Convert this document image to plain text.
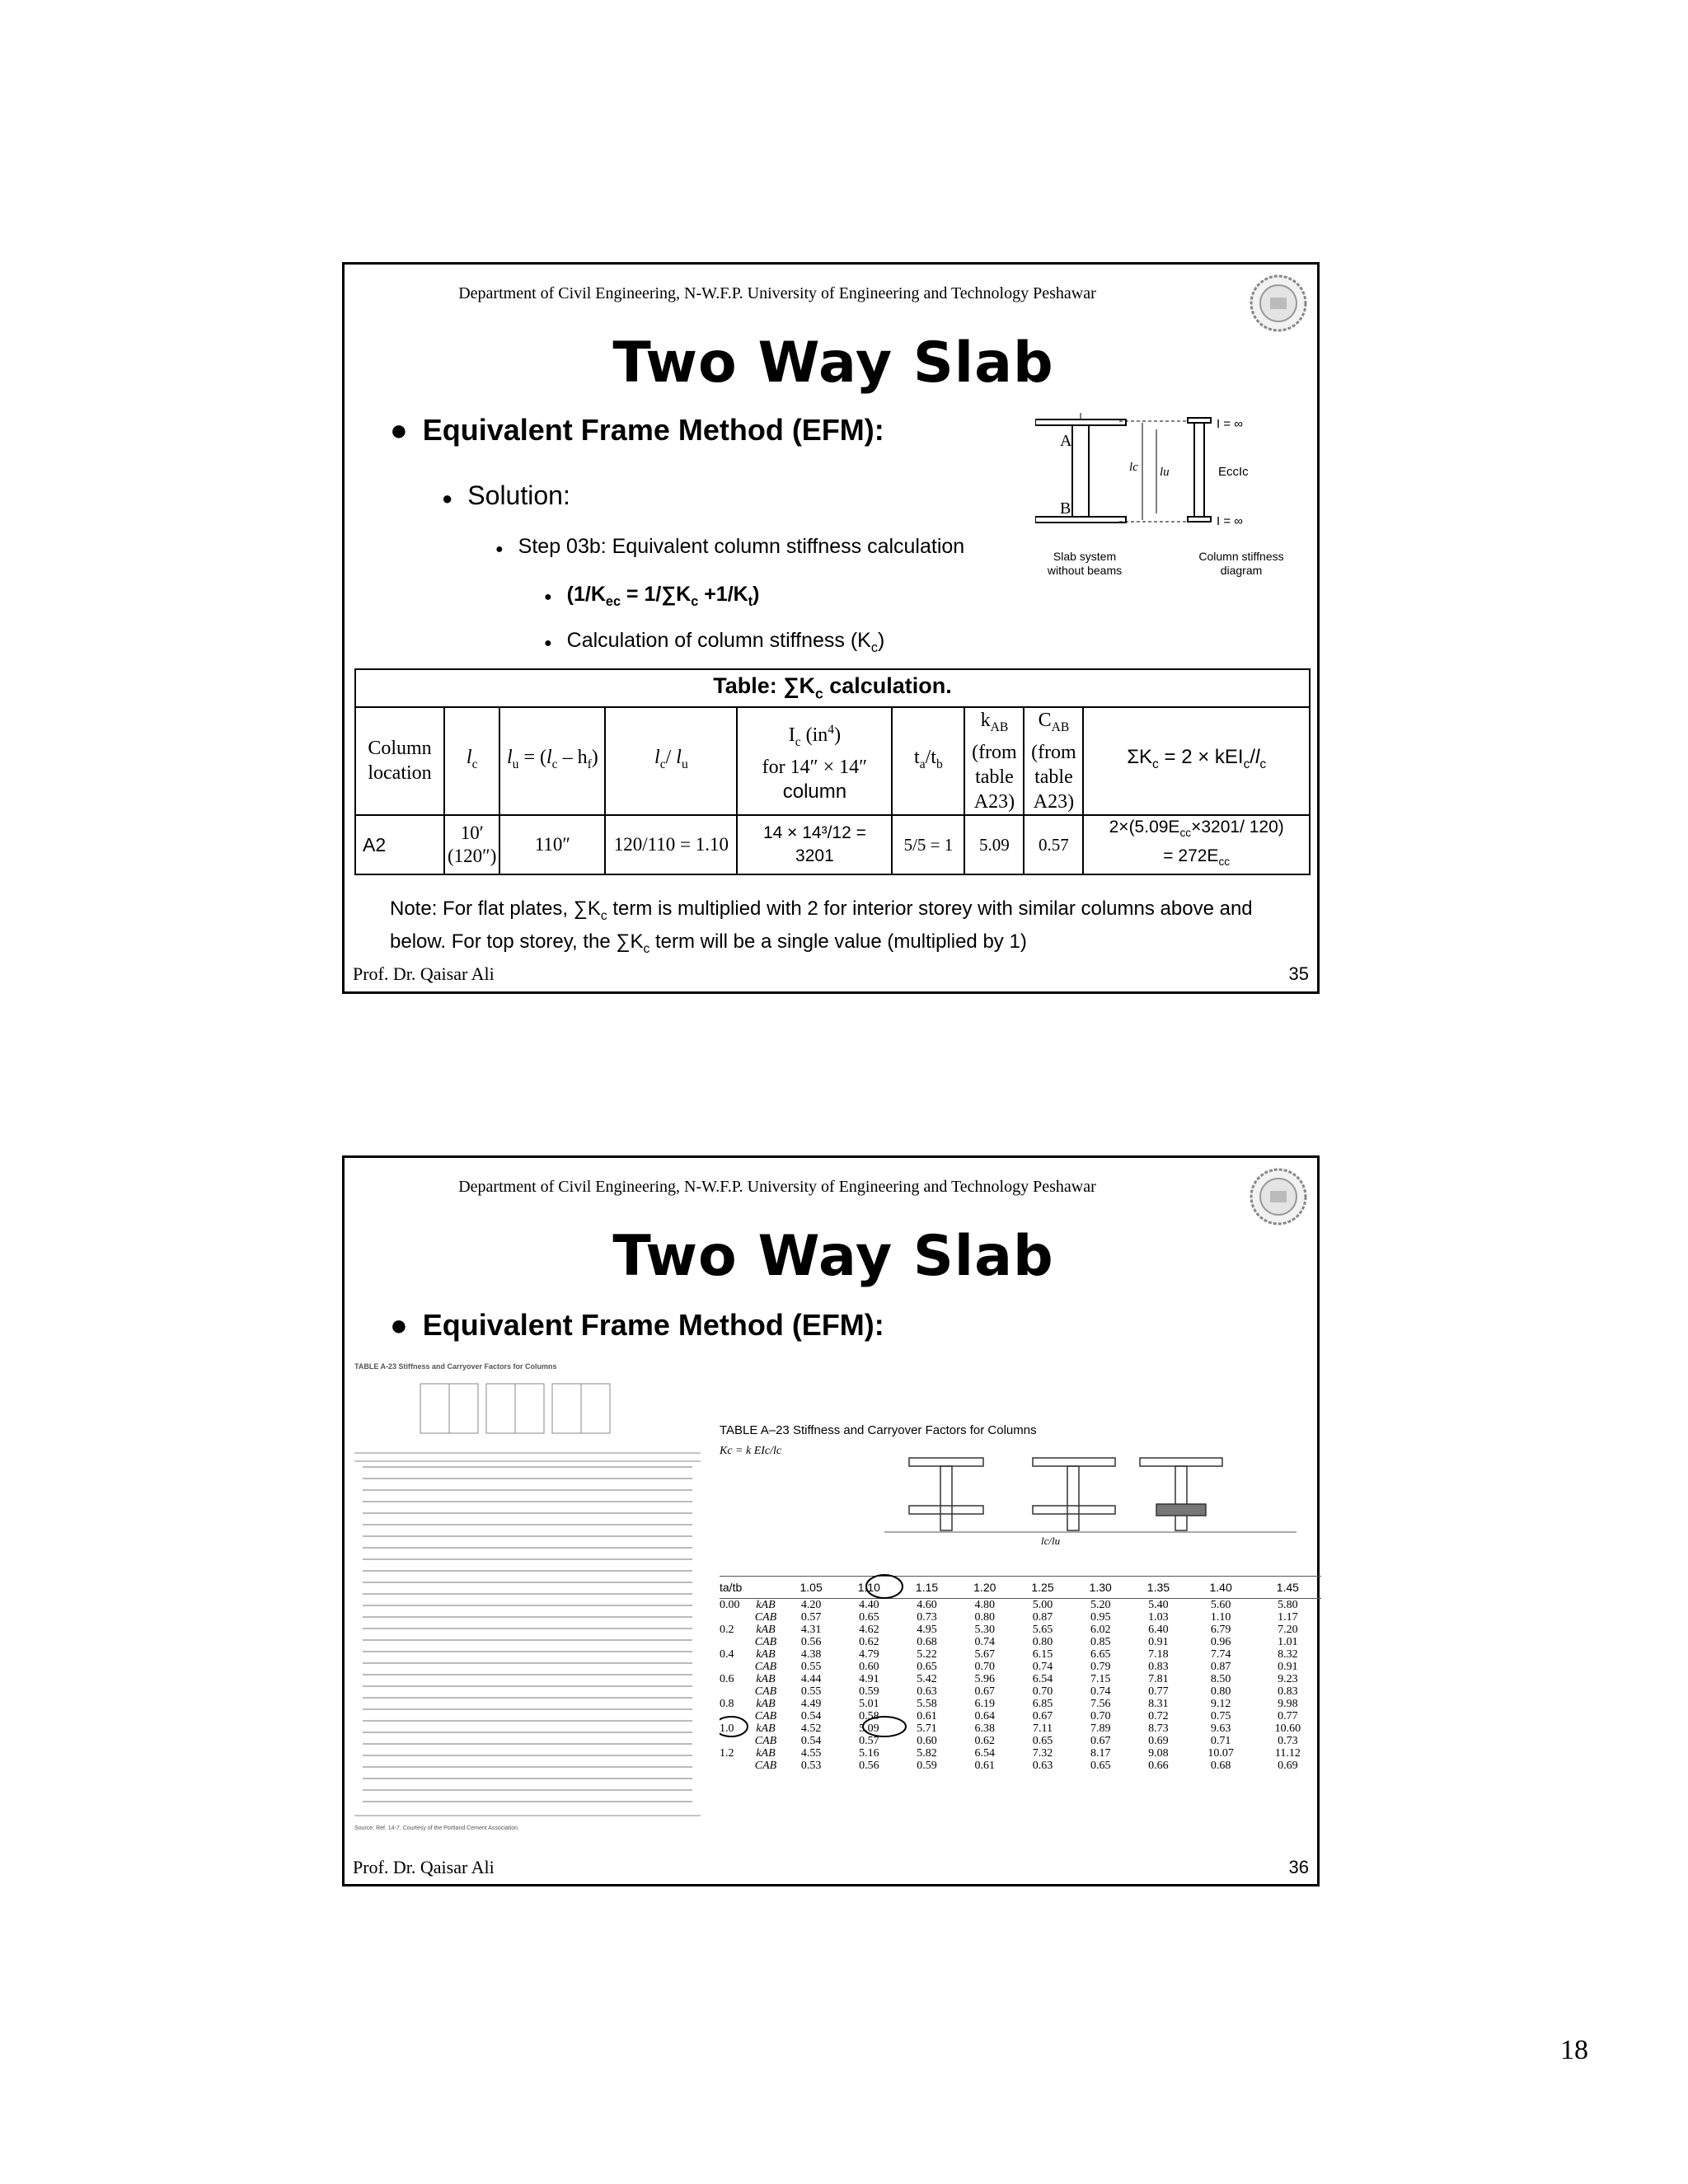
Department of Civil Engineering, N-W.F.P. University of Engineering and Technology Peshawar
Two Way Slab
● Equivalent Frame Method (EFM):
● Solution:
● Step 03b: Equivalent column stiffness calculation
● $(1/K_{ec} = 1/\sum K_c +1/K_t)$
● Calculation of column stiffness $(K_c)$
A
B
lc lu
I = ∞
EccIc
I = ∞
Slab system without beams
Column stiffness diagram
Table: $\sum K_c$ calculation.								
Column location	$l_c$	$l_u = (l_c - h_f)$	$l_c/$ $l_u$	$I_c$ $(in^4)$
for 14″ × 14″
column	$t_a/t_b$	$k_{AB}$
(from
table
A23)	$C_{AB}$
(from
table
A23)	$\Sigma K_c = 2 \times kEI_c/l_c$
A2	10′ (120″)	110″	120/110 = 1.10	14 × 14³/12 =
3201	5/5 = 1	5.09	0.57	$2\times(5.09E_{cc}\times 3201/$ 120)
= $272E_{cc}$
Note: For flat plates, $\sum K_c$ term is multiplied with 2 for interior storey with similar columns above and below. For top storey, the $\sum K_c$ term will be a single value (multiplied by 1)
Prof. Dr. Qaisar Ali	35
Department of Civil Engineering, N-W.F.P. University of Engineering and Technology Peshawar
Two Way Slab
● Equivalent Frame Method (EFM):
TABLE A-23 Stiffness and Carryover Factors for Columns
Source: Ref. 14-7. Courtesy of the Portland Cement Association.
TABLE A–23 Stiffness and Carryover Factors for Columns
Kc = k EIc/lc
lc/lu
ta/tb		1.05	1.10	1.15	1.20	1.25	1.30	1.35	1.40	1.45
0.00	kAB	4.20	4.40	4.60	4.80	5.00	5.20	5.40	5.60	5.80
	CAB	0.57	0.65	0.73	0.80	0.87	0.95	1.03	1.10	1.17
0.2	kAB	4.31	4.62	4.95	5.30	5.65	6.02	6.40	6.79	7.20
	CAB	0.56	0.62	0.68	0.74	0.80	0.85	0.91	0.96	1.01
0.4	kAB	4.38	4.79	5.22	5.67	6.15	6.65	7.18	7.74	8.32
	CAB	0.55	0.60	0.65	0.70	0.74	0.79	0.83	0.87	0.91
0.6	kAB	4.44	4.91	5.42	5.96	6.54	7.15	7.81	8.50	9.23
	CAB	0.55	0.59	0.63	0.67	0.70	0.74	0.77	0.80	0.83
0.8	kAB	4.49	5.01	5.58	6.19	6.85	7.56	8.31	9.12	9.98
	CAB	0.54	0.58	0.61	0.64	0.67	0.70	0.72	0.75	0.77
1.0	kAB	4.52	5.09	5.71	6.38	7.11	7.89	8.73	9.63	10.60
	CAB	0.54	0.57	0.60	0.62	0.65	0.67	0.69	0.71	0.73
1.2	kAB	4.55	5.16	5.82	6.54	7.32	8.17	9.08	10.07	11.12
	CAB	0.53	0.56	0.59	0.61	0.63	0.65	0.66	0.68	0.69
Prof. Dr. Qaisar Ali	36
18
